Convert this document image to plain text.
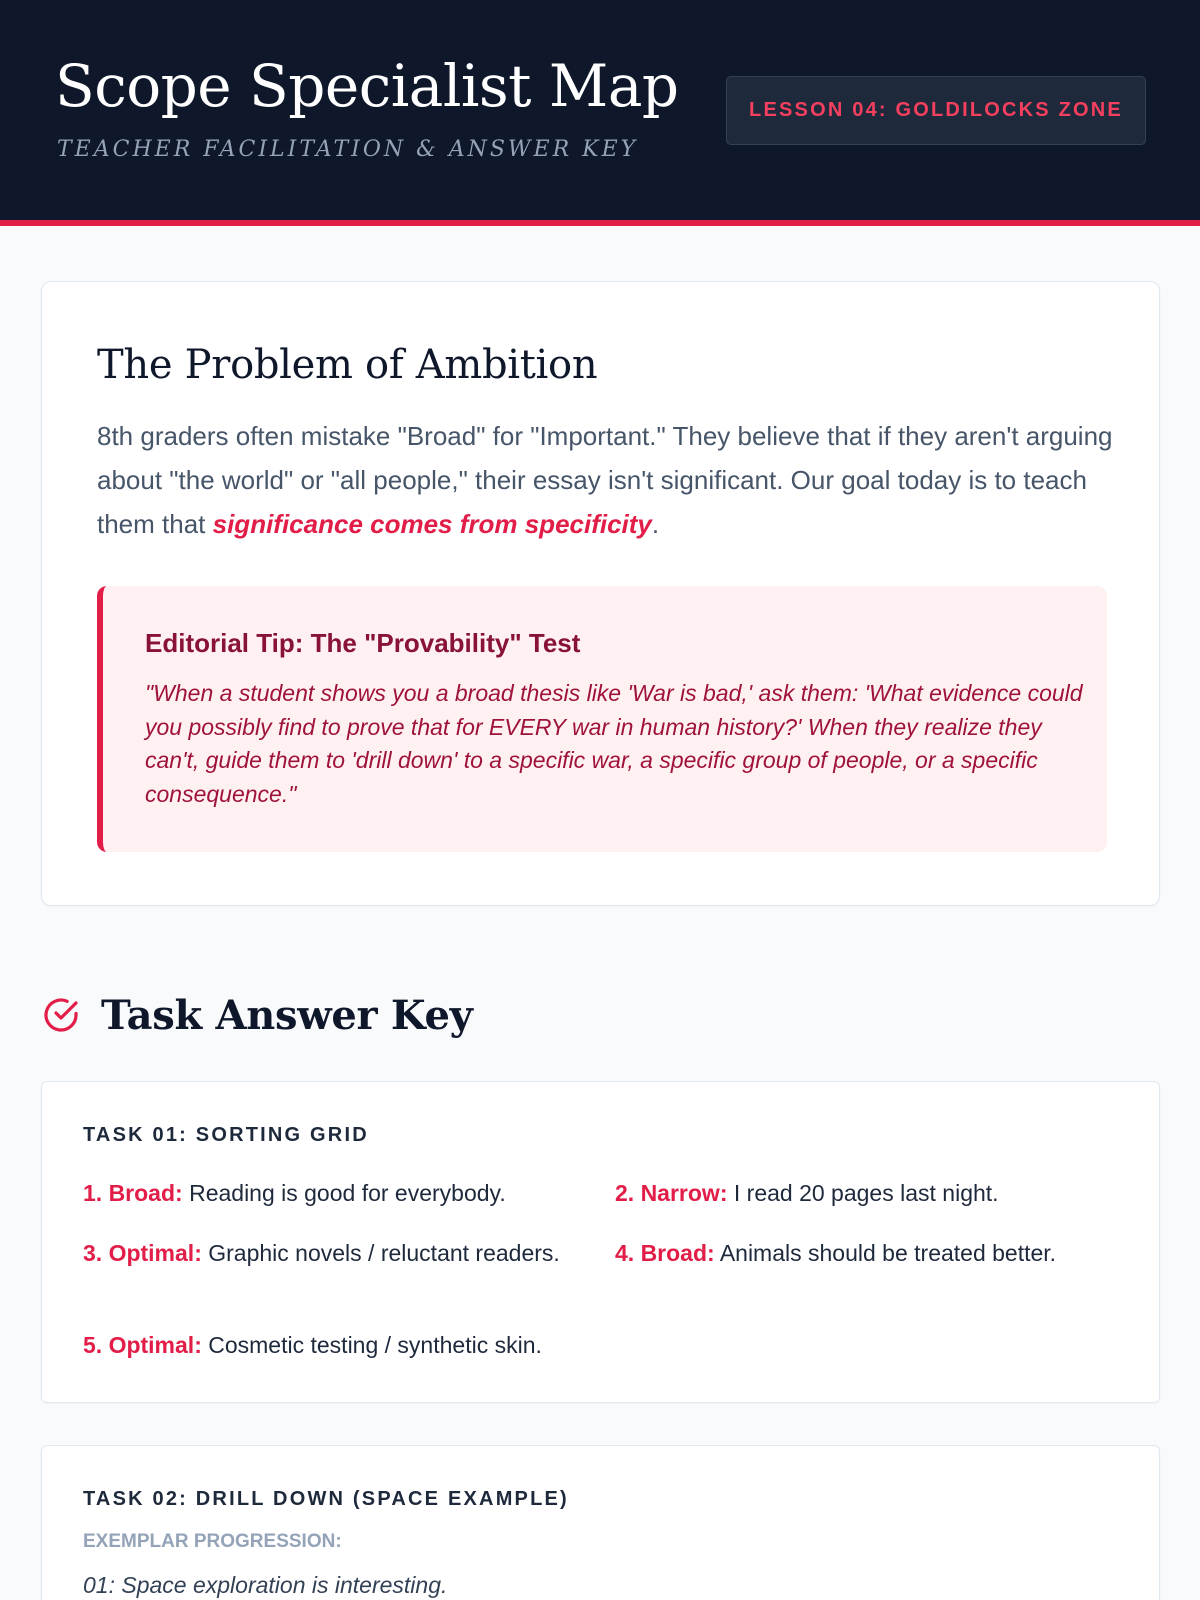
Scope Specialist Map
TEACHER FACILITATION & ANSWER KEY
LESSON 04: GOLDILOCKS ZONE
The Problem of Ambition

8th graders often mistake "Broad" for "Important." They believe that if they aren't arguing about "the world" or "all people," their essay isn't significant. Our goal today is to teach them that significance comes from specificity.

Editorial Tip: The "Provability" Test
"When a student shows you a broad thesis like 'War is bad,' ask them: 'What evidence could you possibly find to prove that for EVERY war in human history?' When they realize they can't, guide them to 'drill down' to a specific war, a specific group of people, or a specific consequence."
Task Answer Key
TASK 01: SORTING GRID
1. Broad: Reading is good for everybody.	2. Narrow: I read 20 pages last night.
3. Optimal: Graphic novels / reluctant readers. 4. Broad: Animals should be treated better.
5. Optimal: Cosmetic testing / synthetic skin.
TASK 02: DRILL DOWN (SPACE EXAMPLE)
EXEMPLAR PROGRESSION:
01: Space exploration is interesting.
